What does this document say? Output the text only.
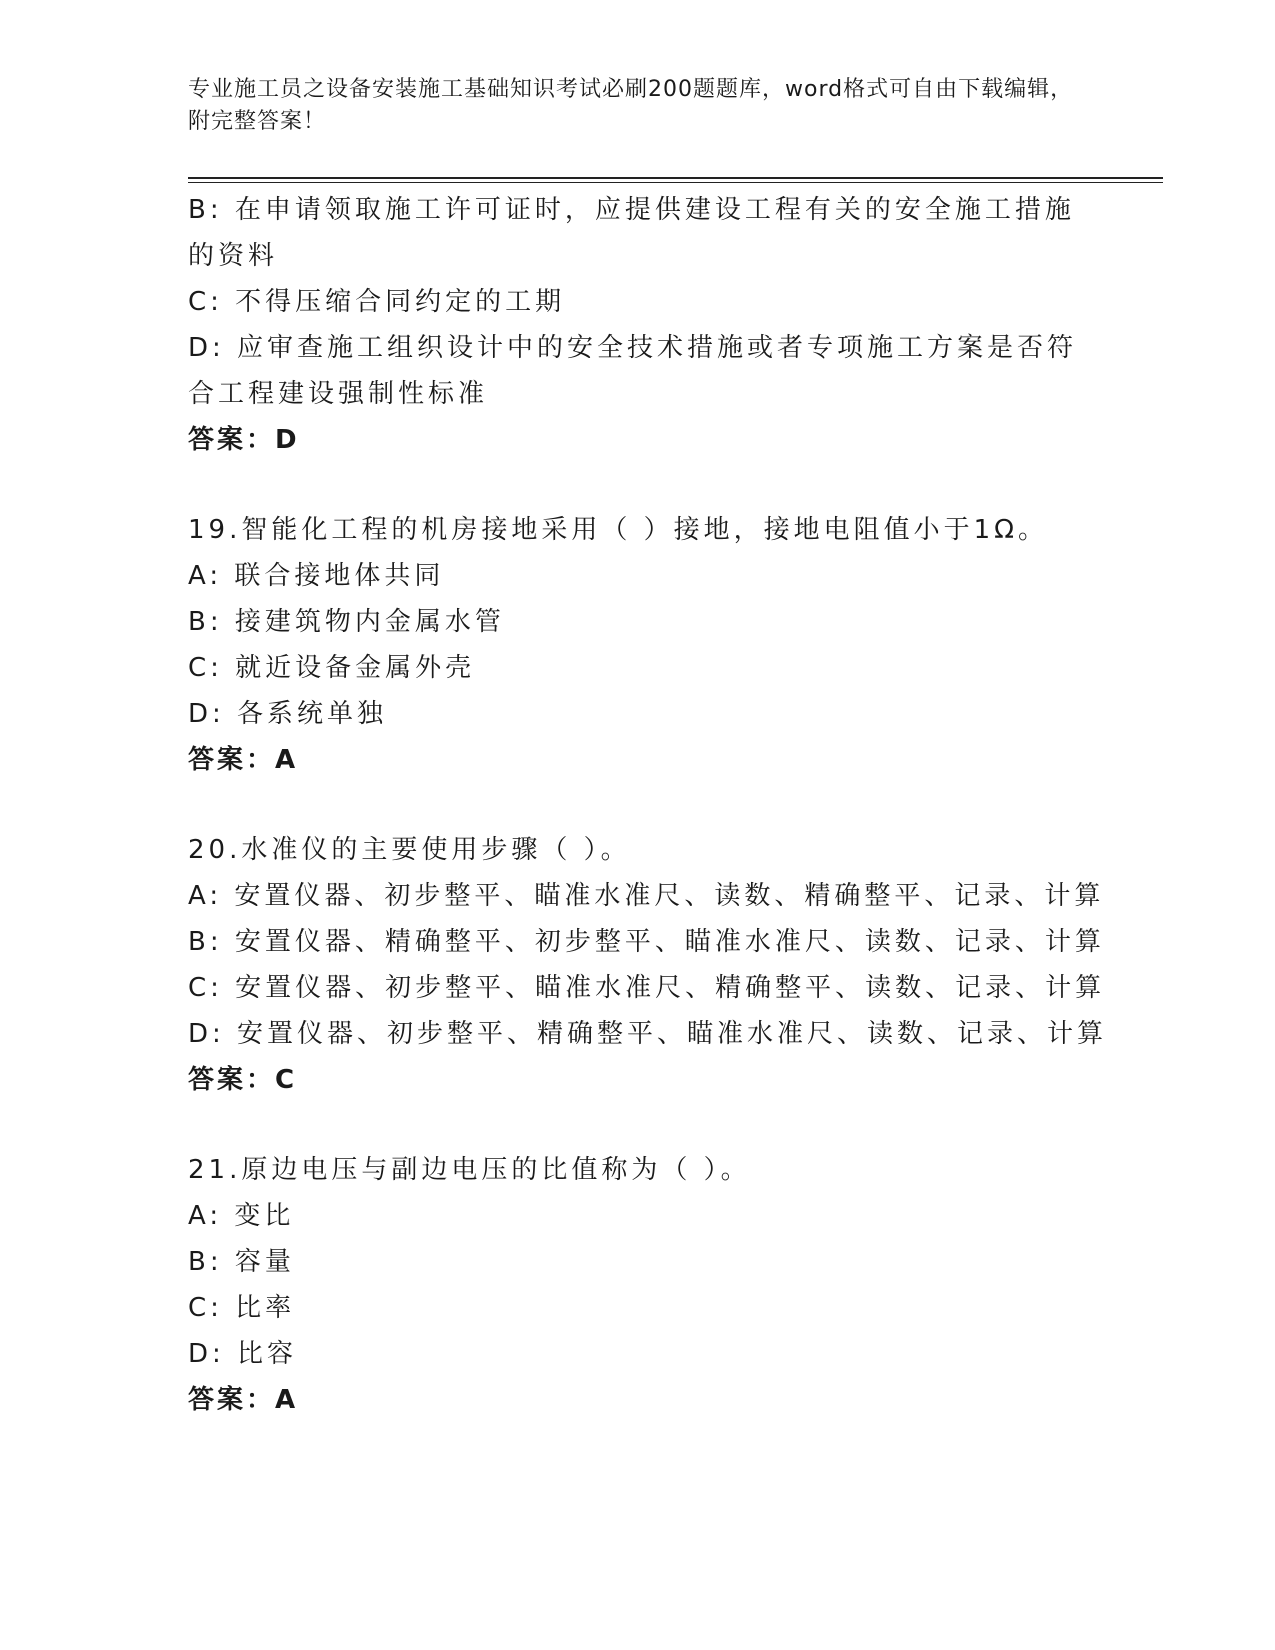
专业施工员之设备安装施工基础知识考试必刷200题题库，word格式可自由下载编辑，附完整答案！
B: 在申请领取施工许可证时，应提供建设工程有关的安全施工措施的资料
C: 不得压缩合同约定的工期
D: 应审查施工组织设计中的安全技术措施或者专项施工方案是否符合工程建设强制性标准
答案：D
19.智能化工程的机房接地采用（ ）接地，接地电阻值小于1Ω。
A: 联合接地体共同
B: 接建筑物内金属水管
C: 就近设备金属外壳
D: 各系统单独
答案：A
20.水准仪的主要使用步骤（ ）。
A: 安置仪器、初步整平、瞄准水准尺、读数、精确整平、记录、计算
B: 安置仪器、精确整平、初步整平、瞄准水准尺、读数、记录、计算
C: 安置仪器、初步整平、瞄准水准尺、精确整平、读数、记录、计算
D: 安置仪器、初步整平、精确整平、瞄准水准尺、读数、记录、计算
答案：C
21.原边电压与副边电压的比值称为（ ）。
A: 变比
B: 容量
C: 比率
D: 比容
答案：A
